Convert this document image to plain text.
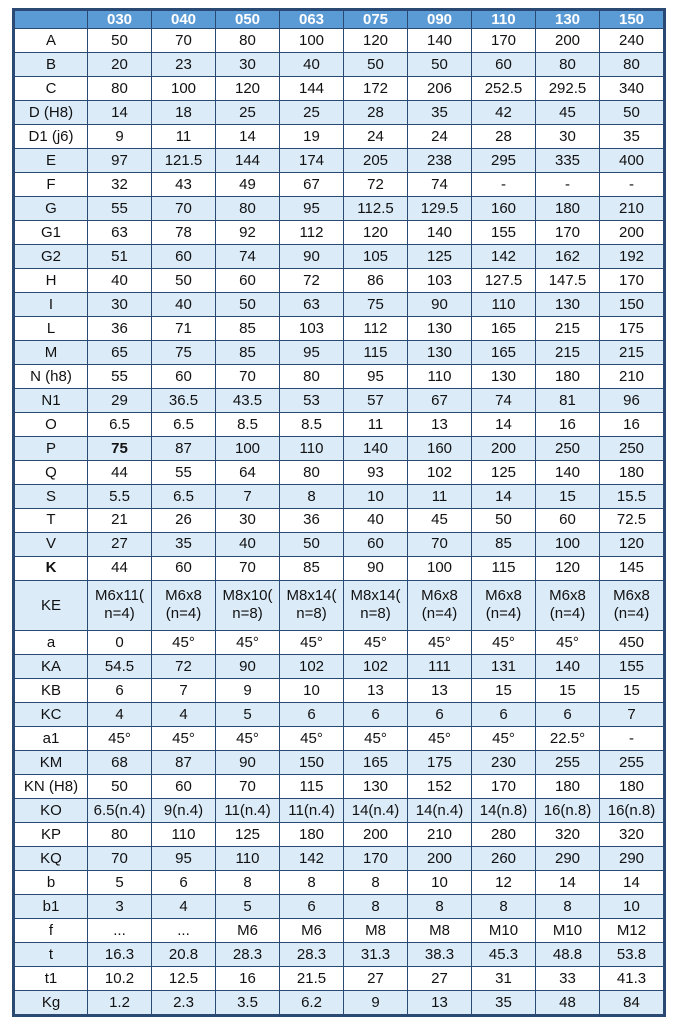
	030	040	050	063	075	090	110	130	150
A	50	70	80	100	120	140	170	200	240
B	20	23	30	40	50	50	60	80	80
C	80	100	120	144	172	206	252.5	292.5	340
D (H8)	14	18	25	25	28	35	42	45	50
D1 (j6)	9	11	14	19	24	24	28	30	35
E	97	121.5	144	174	205	238	295	335	400
F	32	43	49	67	72	74	-	-	-
G	55	70	80	95	112.5	129.5	160	180	210
G1	63	78	92	112	120	140	155	170	200
G2	51	60	74	90	105	125	142	162	192
H	40	50	60	72	86	103	127.5	147.5	170
I	30	40	50	63	75	90	110	130	150
L	36	71	85	103	112	130	165	215	175
M	65	75	85	95	115	130	165	215	215
N (h8)	55	60	70	80	95	110	130	180	210
N1	29	36.5	43.5	53	57	67	74	81	96
O	6.5	6.5	8.5	8.5	11	13	14	16	16
P	75	87	100	110	140	160	200	250	250
Q	44	55	64	80	93	102	125	140	180
S	5.5	6.5	7	8	10	11	14	15	15.5
T	21	26	30	36	40	45	50	60	72.5
V	27	35	40	50	60	70	85	100	120
K	44	60	70	85	90	100	115	120	145
KE	M6x11( n=4)	M6x8 (n=4)	M8x10( n=8)	M8x14( n=8)	M8x14( n=8)	M6x8 (n=4)	M6x8 (n=4)	M6x8 (n=4)	M6x8 (n=4)
a	0	45°	45°	45°	45°	45°	45°	45°	450
KA	54.5	72	90	102	102	111	131	140	155
KB	6	7	9	10	13	13	15	15	15
KC	4	4	5	6	6	6	6	6	7
a1	45°	45°	45°	45°	45°	45°	45°	22.5°	-
KM	68	87	90	150	165	175	230	255	255
KN (H8)	50	60	70	115	130	152	170	180	180
KO	6.5(n.4)	9(n.4)	11(n.4)	11(n.4)	14(n.4)	14(n.4)	14(n.8)	16(n.8)	16(n.8)
KP	80	110	125	180	200	210	280	320	320
KQ	70	95	110	142	170	200	260	290	290
b	5	6	8	8	8	10	12	14	14
b1	3	4	5	6	8	8	8	8	10
f	...	...	M6	M6	M8	M8	M10	M10	M12
t	16.3	20.8	28.3	28.3	31.3	38.3	45.3	48.8	53.8
t1	10.2	12.5	16	21.5	27	27	31	33	41.3
Kg	1.2	2.3	3.5	6.2	9	13	35	48	84
